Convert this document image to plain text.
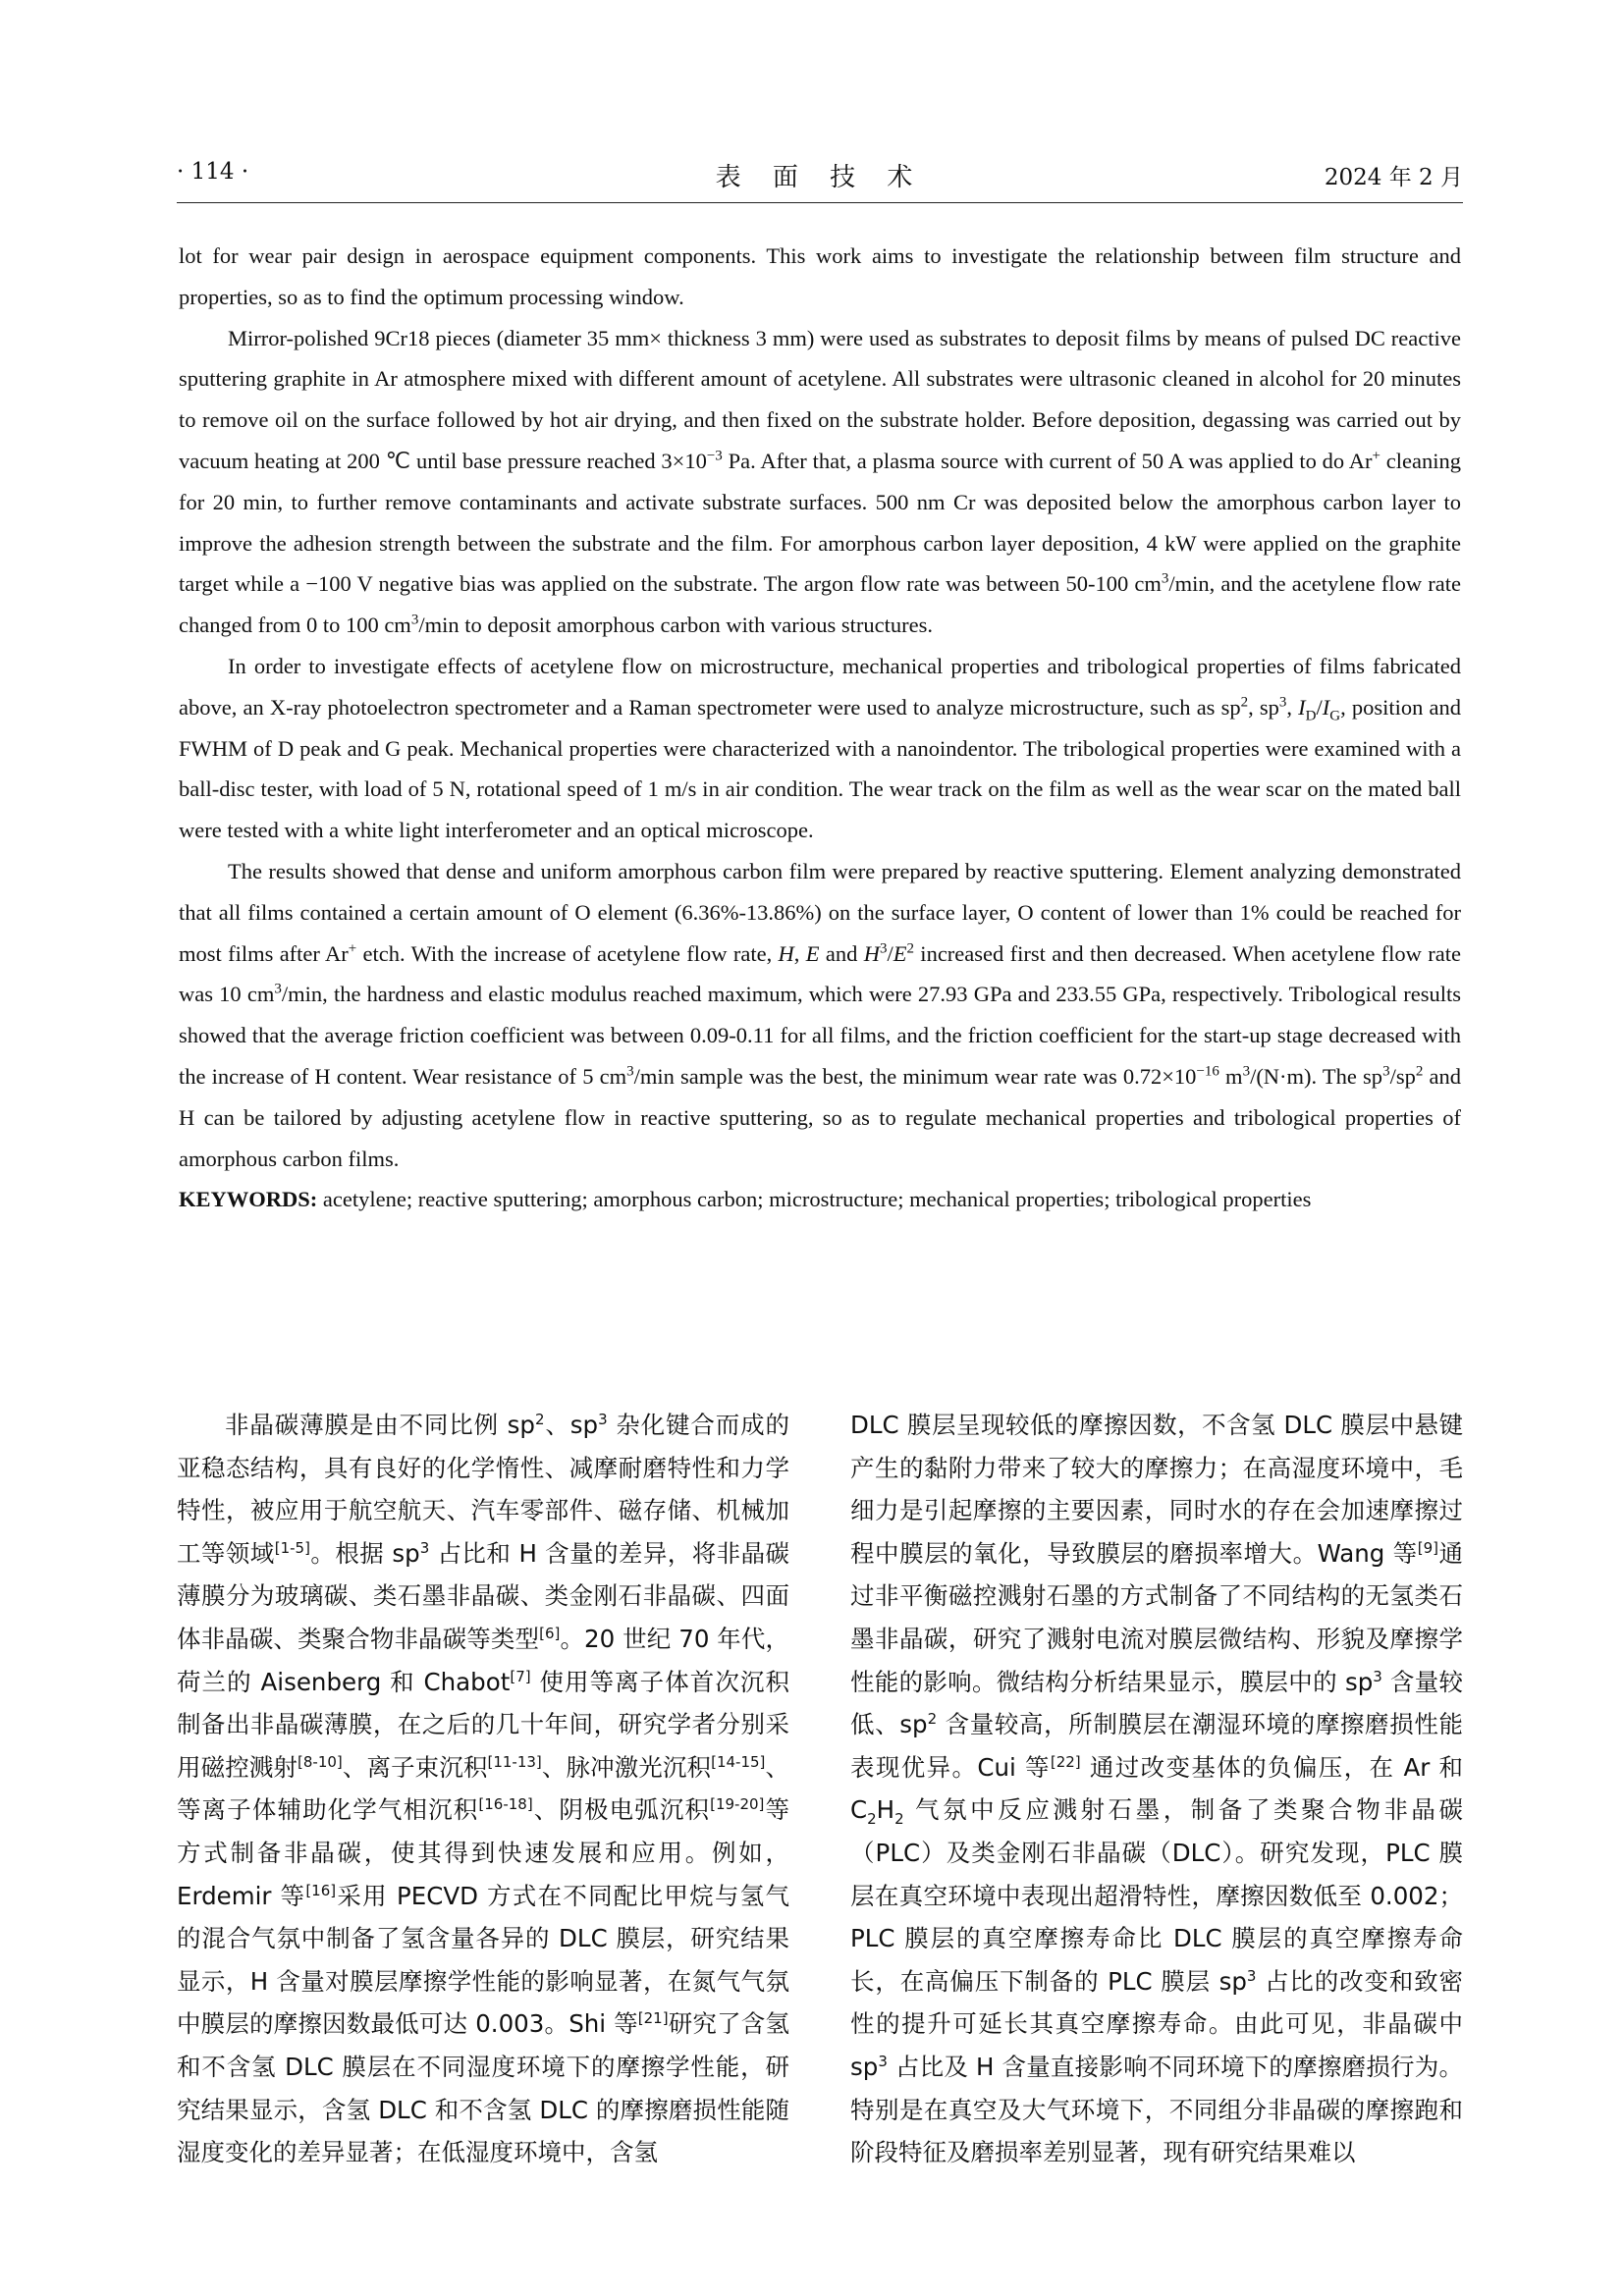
· 114 ·	表 面 技 术	2024 年 2 月

lot for wear pair design in aerospace equipment components. This work aims to investigate the relationship between film structure and properties, so as to find the optimum processing window.

Mirror-polished 9Cr18 pieces (diameter 35 mm× thickness 3 mm) were used as substrates to deposit films by means of pulsed DC reactive sputtering graphite in Ar atmosphere mixed with different amount of acetylene. All substrates were ultrasonic cleaned in alcohol for 20 minutes to remove oil on the surface followed by hot air drying, and then fixed on the substrate holder. Before deposition, degassing was carried out by vacuum heating at 200 ℃ until base pressure reached $3\times 10^{-3}$ Pa. After that, a plasma source with current of 50 A was applied to do Ar+ cleaning for 20 min, to further remove contaminants and activate substrate surfaces. 500 nm Cr was deposited below the amorphous carbon layer to improve the adhesion strength between the substrate and the film. For amorphous carbon layer deposition, 4 kW were applied on the graphite target while a −100 V negative bias was applied on the substrate. The argon flow rate was between 50-100 $cm^3/\min$, and the acetylene flow rate changed from 0 to 100 $cm^3/\min$ to deposit amorphous carbon with various structures.

In order to investigate effects of acetylene flow on microstructure, mechanical properties and tribological properties of films fabricated above, an X-ray photoelectron spectrometer and a Raman spectrometer were used to analyze microstructure, such as $sp^2$, $sp^3$, $I_D/I_G$, position and FWHM of D peak and G peak. Mechanical properties were characterized with a nanoindentor. The tribological properties were examined with a ball-disc tester, with load of 5 N, rotational speed of 1 m/s in air condition. The wear track on the film as well as the wear scar on the mated ball were tested with a white light interferometer and an optical microscope.

The results showed that dense and uniform amorphous carbon film were prepared by reactive sputtering. Element analyzing demonstrated that all films contained a certain amount of O element (6.36%-13.86%) on the surface layer, O content of lower than 1% could be reached for most films after Ar+ etch. With the increase of acetylene flow rate, H, E and $H^3/E^2$ increased first and then decreased. When acetylene flow rate was 10 $cm^3/\min$, the hardness and elastic modulus reached maximum, which were 27.93 GPa and 233.55 GPa, respectively. Tribological results showed that the average friction coefficient was between 0.09-0.11 for all films, and the friction coefficient for the start-up stage decreased with the increase of H content. Wear resistance of 5 $cm^3/\min$ sample was the best, the minimum wear rate was $0.72\times 10^{-16}$ $m^3/(N\cdot m)$. The $sp^3/sp^2$ and H can be tailored by adjusting acetylene flow in reactive sputtering, so as to regulate mechanical properties and tribological properties of amorphous carbon films.

KEYWORDS: acetylene; reactive sputtering; amorphous carbon; microstructure; mechanical properties; tribological properties

非晶碳薄膜是由不同比例 $sp^2$、$sp^3$ 杂化键合而成的亚稳态结构，具有良好的化学惰性、减摩耐磨特性和力学特性，被应用于航空航天、汽车零部件、磁存储、机械加工等领域[1-5]。根据 $sp^3$ 占比和 H 含量的差异，将非晶碳薄膜分为玻璃碳、类石墨非晶碳、类金刚石非晶碳、四面体非晶碳、类聚合物非晶碳等类型[6]。20 世纪 70 年代，荷兰的 Aisenberg 和 Chabot[7] 使用等离子体首次沉积制备出非晶碳薄膜，在之后的几十年间，研究学者分别采用磁控溅射[8-10]、离子束沉积[11-13]、脉冲激光沉积[14-15]、等离子体辅助化学气相沉积[16-18]、阴极电弧沉积[19-20]等方式制备非晶碳，使其得到快速发展和应用。例如，Erdemir 等[16]采用 PECVD 方式在不同配比甲烷与氢气的混合气氛中制备了氢含量各异的 DLC 膜层，研究结果显示，H 含量对膜层摩擦学性能的影响显著，在氮气气氛中膜层的摩擦因数最低可达 0.003。Shi 等[21]研究了含氢和不含氢 DLC 膜层在不同湿度环境下的摩擦学性能，研究结果显示，含氢 DLC 和不含氢 DLC 的摩擦磨损性能随湿度变化的差异显著；在低湿度环境中，含氢

DLC 膜层呈现较低的摩擦因数，不含氢 DLC 膜层中悬键产生的黏附力带来了较大的摩擦力；在高湿度环境中，毛细力是引起摩擦的主要因素，同时水的存在会加速摩擦过程中膜层的氧化，导致膜层的磨损率增大。Wang 等[9]通过非平衡磁控溅射石墨的方式制备了不同结构的无氢类石墨非晶碳，研究了溅射电流对膜层微结构、形貌及摩擦学性能的影响。微结构分析结果显示，膜层中的 $sp^3$ 含量较低、$sp^2$ 含量较高，所制膜层在潮湿环境的摩擦磨损性能表现优异。Cui 等[22] 通过改变基体的负偏压，在 Ar 和 $C_2H_2$ 气氛中反应溅射石墨，制备了类聚合物非晶碳（PLC）及类金刚石非晶碳（DLC）。研究发现，PLC 膜层在真空环境中表现出超滑特性，摩擦因数低至 0.002；PLC 膜层的真空摩擦寿命比 DLC 膜层的真空摩擦寿命长，在高偏压下制备的 PLC 膜层 $sp^3$ 占比的改变和致密性的提升可延长其真空摩擦寿命。由此可见，非晶碳中 $sp^3$ 占比及 H 含量直接影响不同环境下的摩擦磨损行为。特别是在真空及大气环境下，不同组分非晶碳的摩擦跑和阶段特征及磨损率差别显著，现有研究结果难以
